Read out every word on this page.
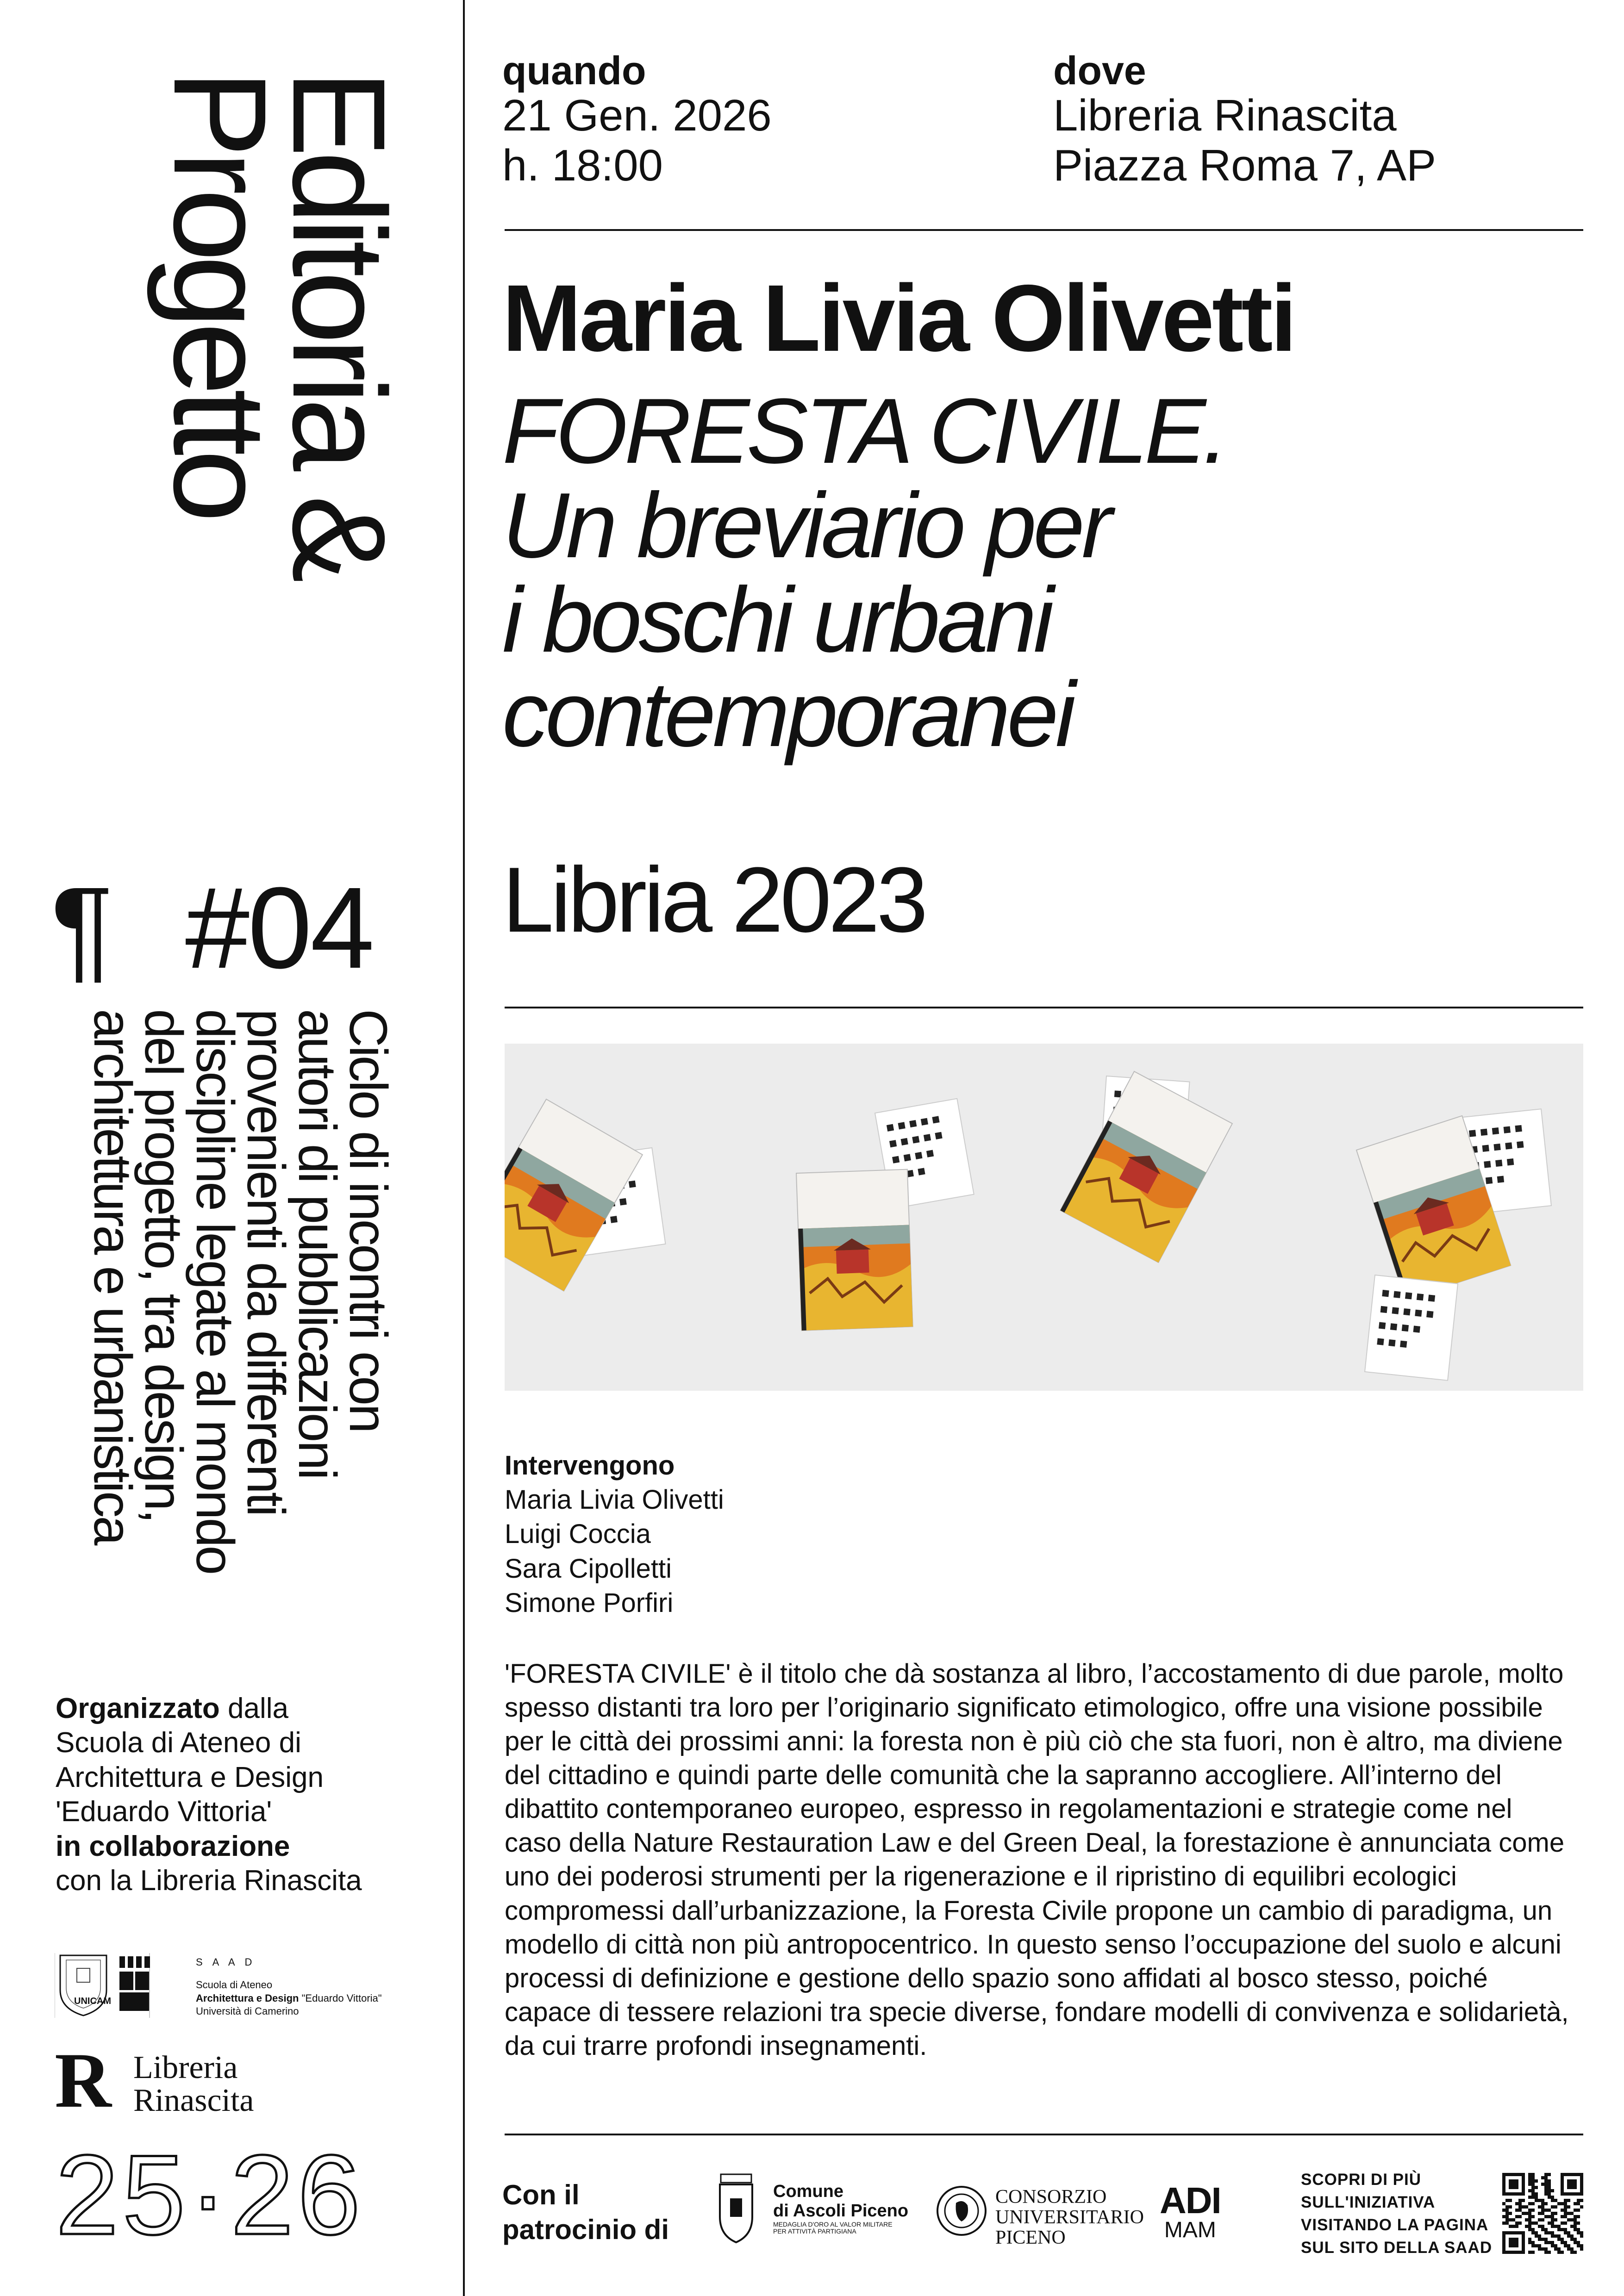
Editoria &
Progetto
¶ #04
Ciclo di incontri con
autori di pubblicazioni
provenienti da differenti
discipline legate al mondo
del progetto, tra design,
architettura e urbanistica
Organizzato dalla
Scuola di Ateneo di
Architettura e Design
'Eduardo Vittoria'
in collaborazione
con la Libreria Rinascita
UNICAM
S A A D
Scuola di Ateneo
Architettura e Design "Eduardo Vittoria"
Università di Camerino
R Libreria
Rinascita
25·26
quando
21 Gen. 2026
h. 18:00
dove
Libreria Rinascita
Piazza Roma 7, AP
Maria Livia Olivetti
FORESTA CIVILE.
Un breviario per
i boschi urbani
contemporanei
Libria 2023
Intervengono
Maria Livia Olivetti
Luigi Coccia
Sara Cipolletti
Simone Porfiri
'FORESTA CIVILE' è il titolo che dà sostanza al libro, l’accostamento di due parole, molto spesso distanti tra loro per l’originario significato etimologico, offre una visione possibile per le città dei prossimi anni: la foresta non è più ciò che sta fuori, non è altro, ma diviene del cittadino e quindi parte delle comunità che la sapranno accogliere. All’interno del dibattito contemporaneo europeo, espresso in regolamentazioni e strategie come nel caso della Nature Restauration Law e del Green Deal, la forestazione è annunciata come uno dei poderosi strumenti per la rigenerazione e il ripristino di equilibri ecologici compromessi dall’urbanizzazione, la Foresta Civile propone un cambio di paradigma, un modello di città non più antropocentrico. In questo senso l’occupazione del suolo e alcuni processi di definizione e gestione dello spazio sono affidati al bosco stesso, poiché capace di tessere relazioni tra specie diverse, fondare modelli di convivenza e solidarietà, da cui trarre profondi insegnamenti.
Con il
patrocinio di
Comune
di Ascoli Piceno
MEDAGLIA D'ORO AL VALOR MILITARE
PER ATTIVITÀ PARTIGIANA
CONSORZIO
UNIVERSITARIO
PICENO
ADI
MAM
SCOPRI DI PIÙ
SULL'INIZIATIVA
VISITANDO LA PAGINA
SUL SITO DELLA SAAD
